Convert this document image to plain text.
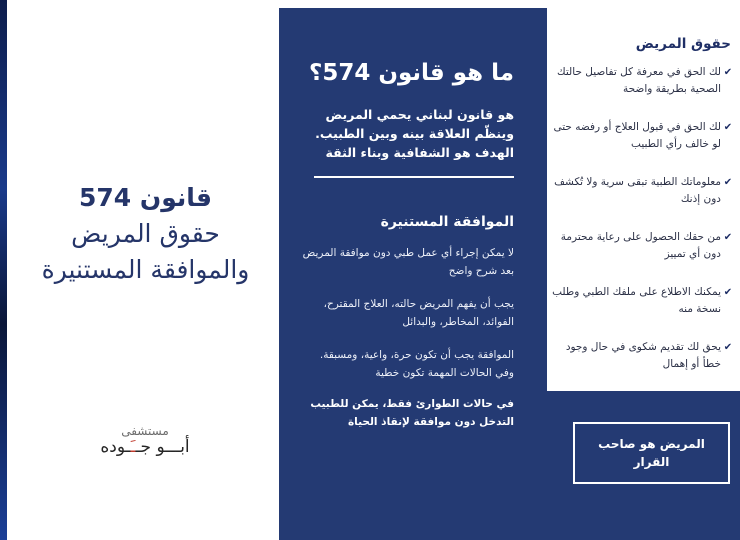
قانون 574
حقوق المريض
والموافقة المستنيرة
مستشفى
أبـــو جــَـوده
ما هو قانون 574؟
هو قانون لبناني يحمي المريض وينظّم العلاقة بينه وبين الطبيب. الهدف هو الشفافية وبناء الثقة
الموافقة المستنيرة
لا يمكن إجراء أي عمل طبي دون موافقة المريض بعد شرح واضح
يجب أن يفهم المريض حالته، العلاج المقترح، الفوائد، المخاطر، والبدائل
الموافقة يجب أن تكون حرة، واعية، ومسبقة. وفي الحالات المهمة تكون خطية
في حالات الطوارئ فقط، يمكن للطبيب التدخل دون موافقة لإنقاذ الحياة
حقوق المريض
✔
لك الحق في معرفة كل تفاصيل حالتك الصحية بطريقة واضحة
✔
لك الحق في قبول العلاج أو رفضه حتى لو خالف رأي الطبيب
✔
معلوماتك الطبية تبقى سرية ولا تُكشف دون إذنك
✔
من حقك الحصول على رعاية محترمة دون أي تمييز
✔
يمكنك الاطلاع على ملفك الطبي وطلب نسخة منه
✔
يحق لك تقديم شكوى في حال وجود خطأ أو إهمال
المريض هو صاحب القرار
